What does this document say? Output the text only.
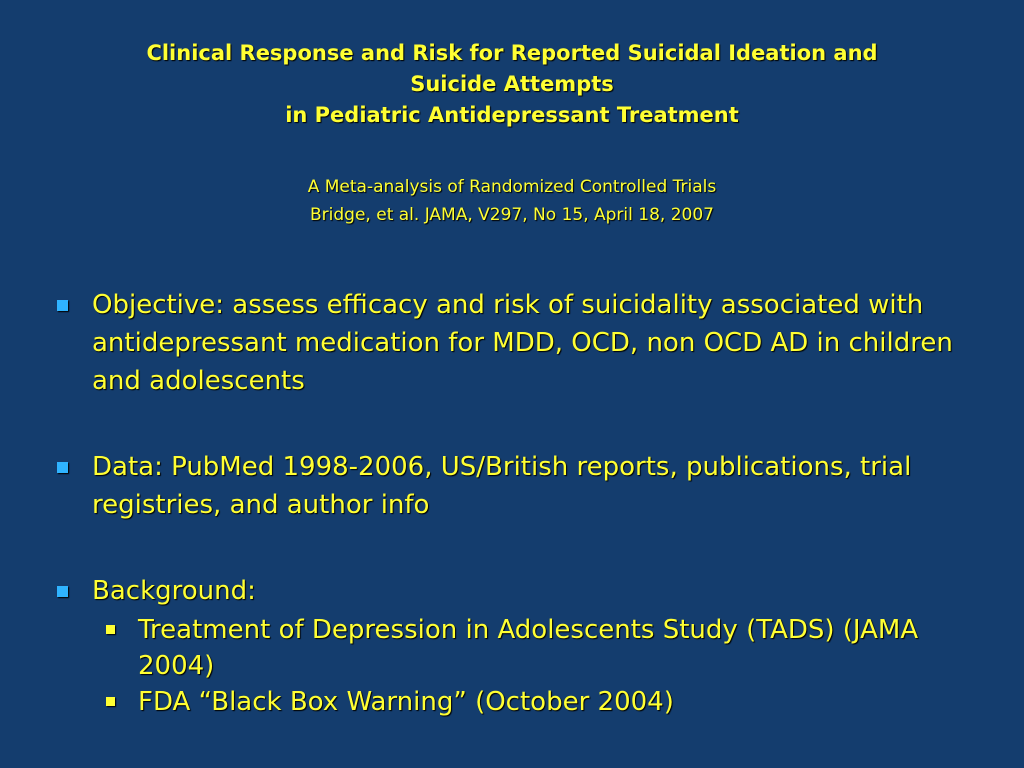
Clinical Response and Risk for Reported Suicidal Ideation and
Suicide Attempts
in Pediatric Antidepressant Treatment
A Meta-analysis of Randomized Controlled Trials
Bridge, et al. JAMA, V297, No 15, April 18, 2007
Objective: assess efficacy and risk of suicidality associated with antidepressant medication for MDD, OCD, non OCD AD in children and adolescents
Data: PubMed 1998-2006, US/British reports, publications, trial registries, and author info
Background:
Treatment of Depression in Adolescents Study (TADS) (JAMA 2004)
FDA “Black Box Warning” (October 2004)
